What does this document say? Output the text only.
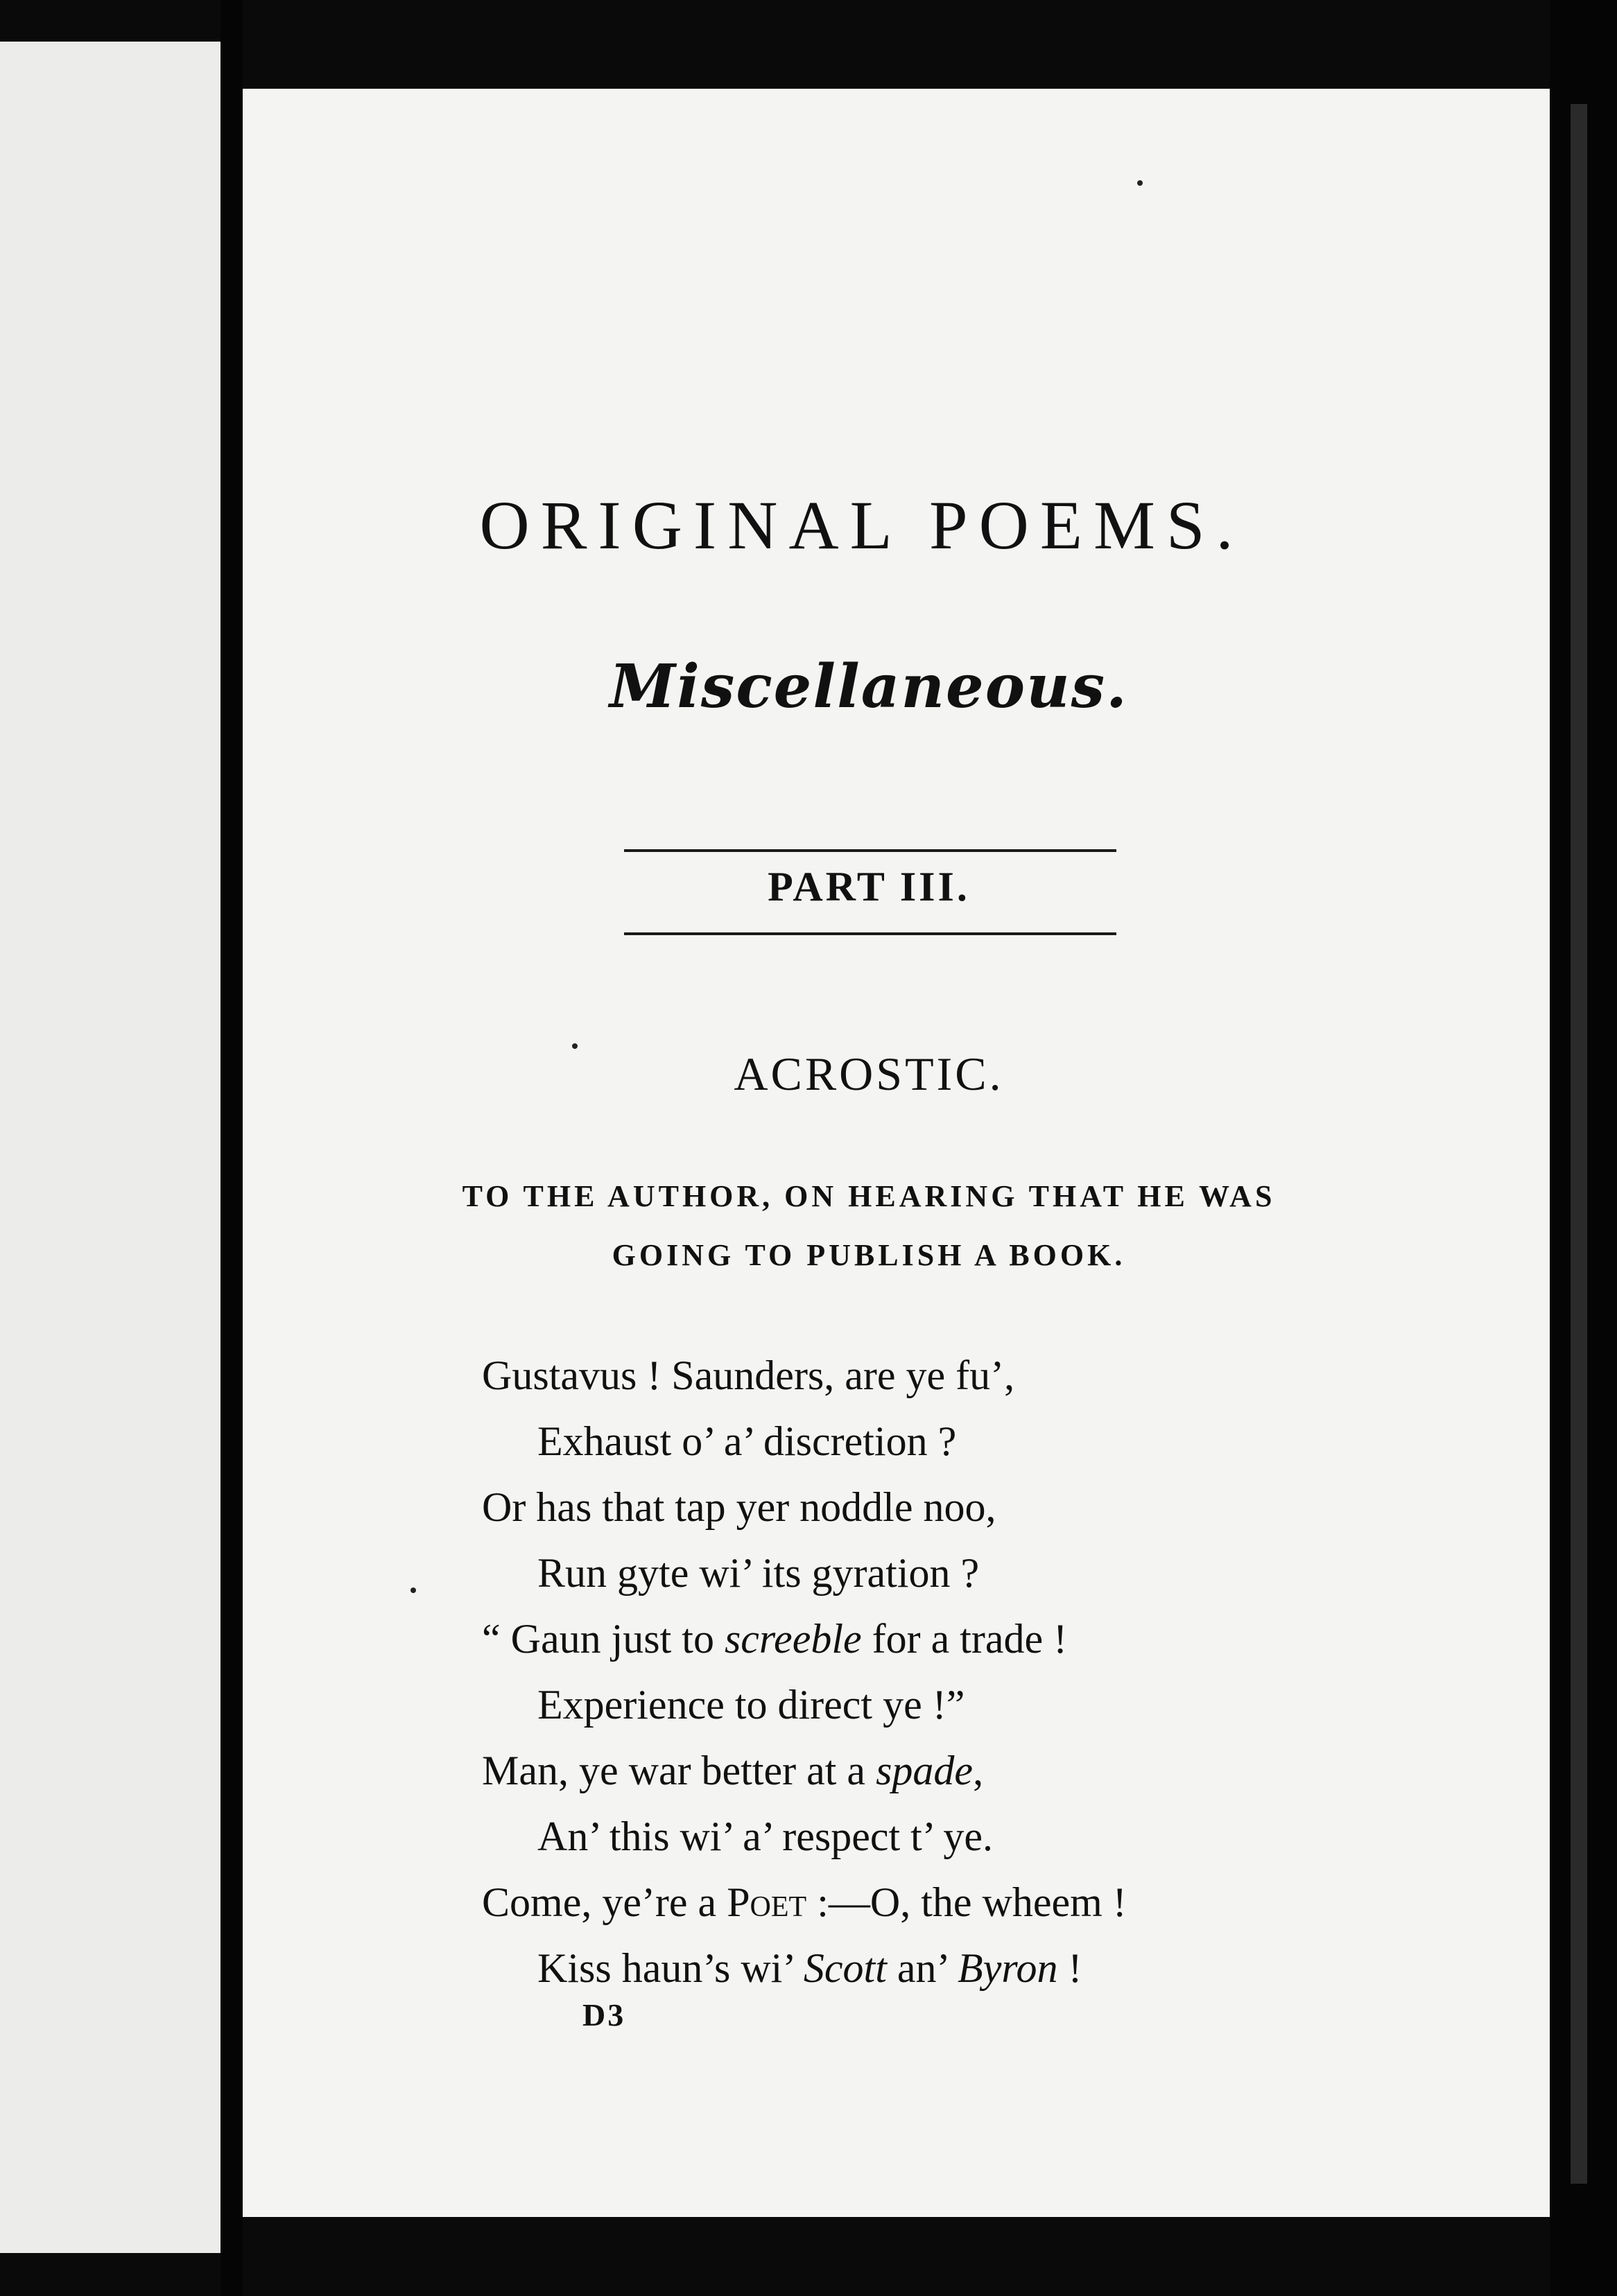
ORIGINAL POEMS.
Miscellaneous.
PART III.
ACROSTIC.
TO THE AUTHOR, ON HEARING THAT HE WAS
GOING TO PUBLISH A BOOK.
Gustavus ! Saunders, are ye fu’,
Exhaust o’ a’ discretion ?
Or has that tap yer noddle noo,
Run gyte wi’ its gyration ?
“ Gaun just to screeble for a trade !
Experience to direct ye !”
Man, ye war better at a spade,
An’ this wi’ a’ respect t’ ye.
Come, ye’re a Poet :—O, the wheem !
Kiss haun’s wi’ Scott an’ Byron !
D3
